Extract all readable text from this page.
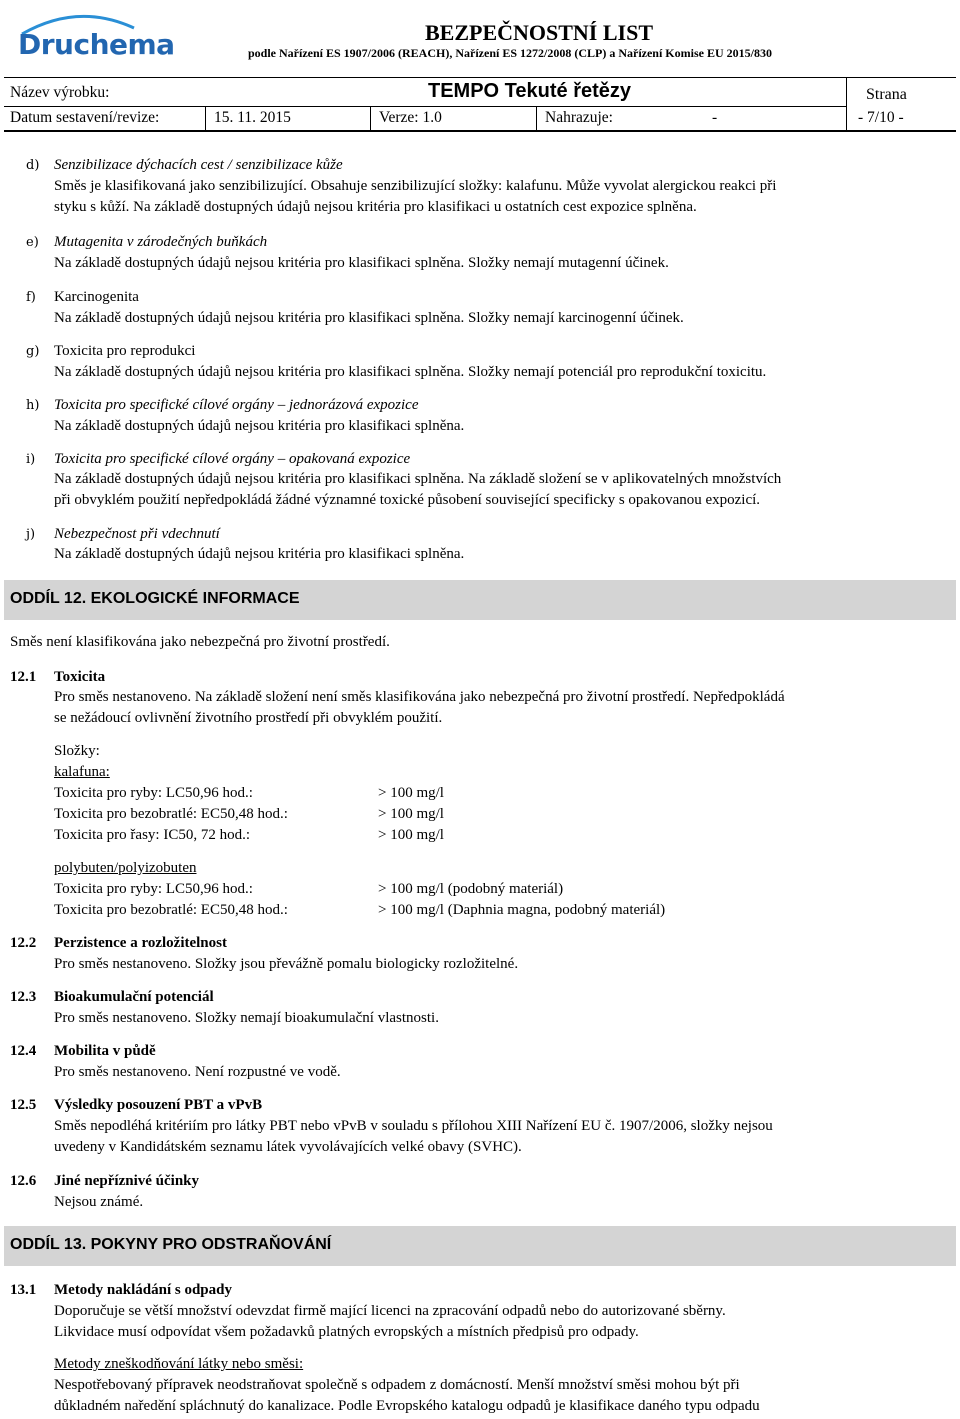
Druchema	BEZPEČNOSTNÍ LIST
podle Nařízení ES 1907/2006 (REACH), Nařízení ES 1272/2008 (CLP) a Nařízení Komise EU 2015/830
Název výrobku:	TEMPO Tekuté řetězy	Strana
Datum sestavení/revize:	15. 11. 2015	Verze: 1.0	Nahrazuje:	-	- 7/10 -
d) Senzibilizace dýchacích cest / senzibilizace kůže
Směs je klasifikovaná jako senzibilizující. Obsahuje senzibilizující složky: kalafunu. Může vyvolat alergickou reakci při
styku s kůží. Na základě dostupných údajů nejsou kritéria pro klasifikaci u ostatních cest expozice splněna.
e) Mutagenita v zárodečných buňkách
Na základě dostupných údajů nejsou kritéria pro klasifikaci splněna. Složky nemají mutagenní účinek.
f) Karcinogenita
Na základě dostupných údajů nejsou kritéria pro klasifikaci splněna. Složky nemají karcinogenní účinek.
g) Toxicita pro reprodukci
Na základě dostupných údajů nejsou kritéria pro klasifikaci splněna. Složky nemají potenciál pro reprodukční toxicitu.
h) Toxicita pro specifické cílové orgány – jednorázová expozice
Na základě dostupných údajů nejsou kritéria pro klasifikaci splněna.
i) Toxicita pro specifické cílové orgány – opakovaná expozice
Na základě dostupných údajů nejsou kritéria pro klasifikaci splněna. Na základě složení se v aplikovatelných množstvích
při obvyklém použití nepředpokládá žádné významné toxické působení související specificky s opakovanou expozicí.
j) Nebezpečnost při vdechnutí
Na základě dostupných údajů nejsou kritéria pro klasifikaci splněna.
ODDÍL 12. EKOLOGICKÉ INFORMACE
Směs není klasifikována jako nebezpečná pro životní prostředí.
12.1 Toxicita
Pro směs nestanoveno. Na základě složení není směs klasifikována jako nebezpečná pro životní prostředí. Nepředpokládá
se nežádoucí ovlivnění životního prostředí při obvyklém použití.
Složky:
kalafuna:
Toxicita pro ryby: LC50,96 hod.:	> 100 mg/l
Toxicita pro bezobratlé: EC50,48 hod.:	> 100 mg/l
Toxicita pro řasy: IC50, 72 hod.:	> 100 mg/l
polybuten/polyizobuten
Toxicita pro ryby: LC50,96 hod.:	> 100 mg/l (podobný materiál)
Toxicita pro bezobratlé: EC50,48 hod.:	> 100 mg/l (Daphnia magna, podobný materiál)
12.2 Perzistence a rozložitelnost
Pro směs nestanoveno. Složky jsou převážně pomalu biologicky rozložitelné.
12.3 Bioakumulační potenciál
Pro směs nestanoveno. Složky nemají bioakumulační vlastnosti.
12.4 Mobilita v půdě
Pro směs nestanoveno. Není rozpustné ve vodě.
12.5 Výsledky posouzení PBT a vPvB
Směs nepodléhá kritériím pro látky PBT nebo vPvB v souladu s přílohou XIII Nařízení EU č. 1907/2006, složky nejsou
uvedeny v Kandidátském seznamu látek vyvolávajících velké obavy (SVHC).
12.6 Jiné nepříznivé účinky
Nejsou známé.
ODDÍL 13. POKYNY PRO ODSTRAŇOVÁNÍ
13.1 Metody nakládání s odpady
Doporučuje se větší množství odevzdat firmě mající licenci na zpracování odpadů nebo do autorizované sběrny.
Likvidace musí odpovídat všem požadavků platných evropských a místních předpisů pro odpady.
Metody zneškodňování látky nebo směsi:
Nespotřebovaný přípravek neodstraňovat společně s odpadem z domácností. Menší množství směsi mohou být při
důkladném naředění spláchnutý do kanalizace. Podle Evropského katalogu odpadů je klasifikace daného typu odpadu
